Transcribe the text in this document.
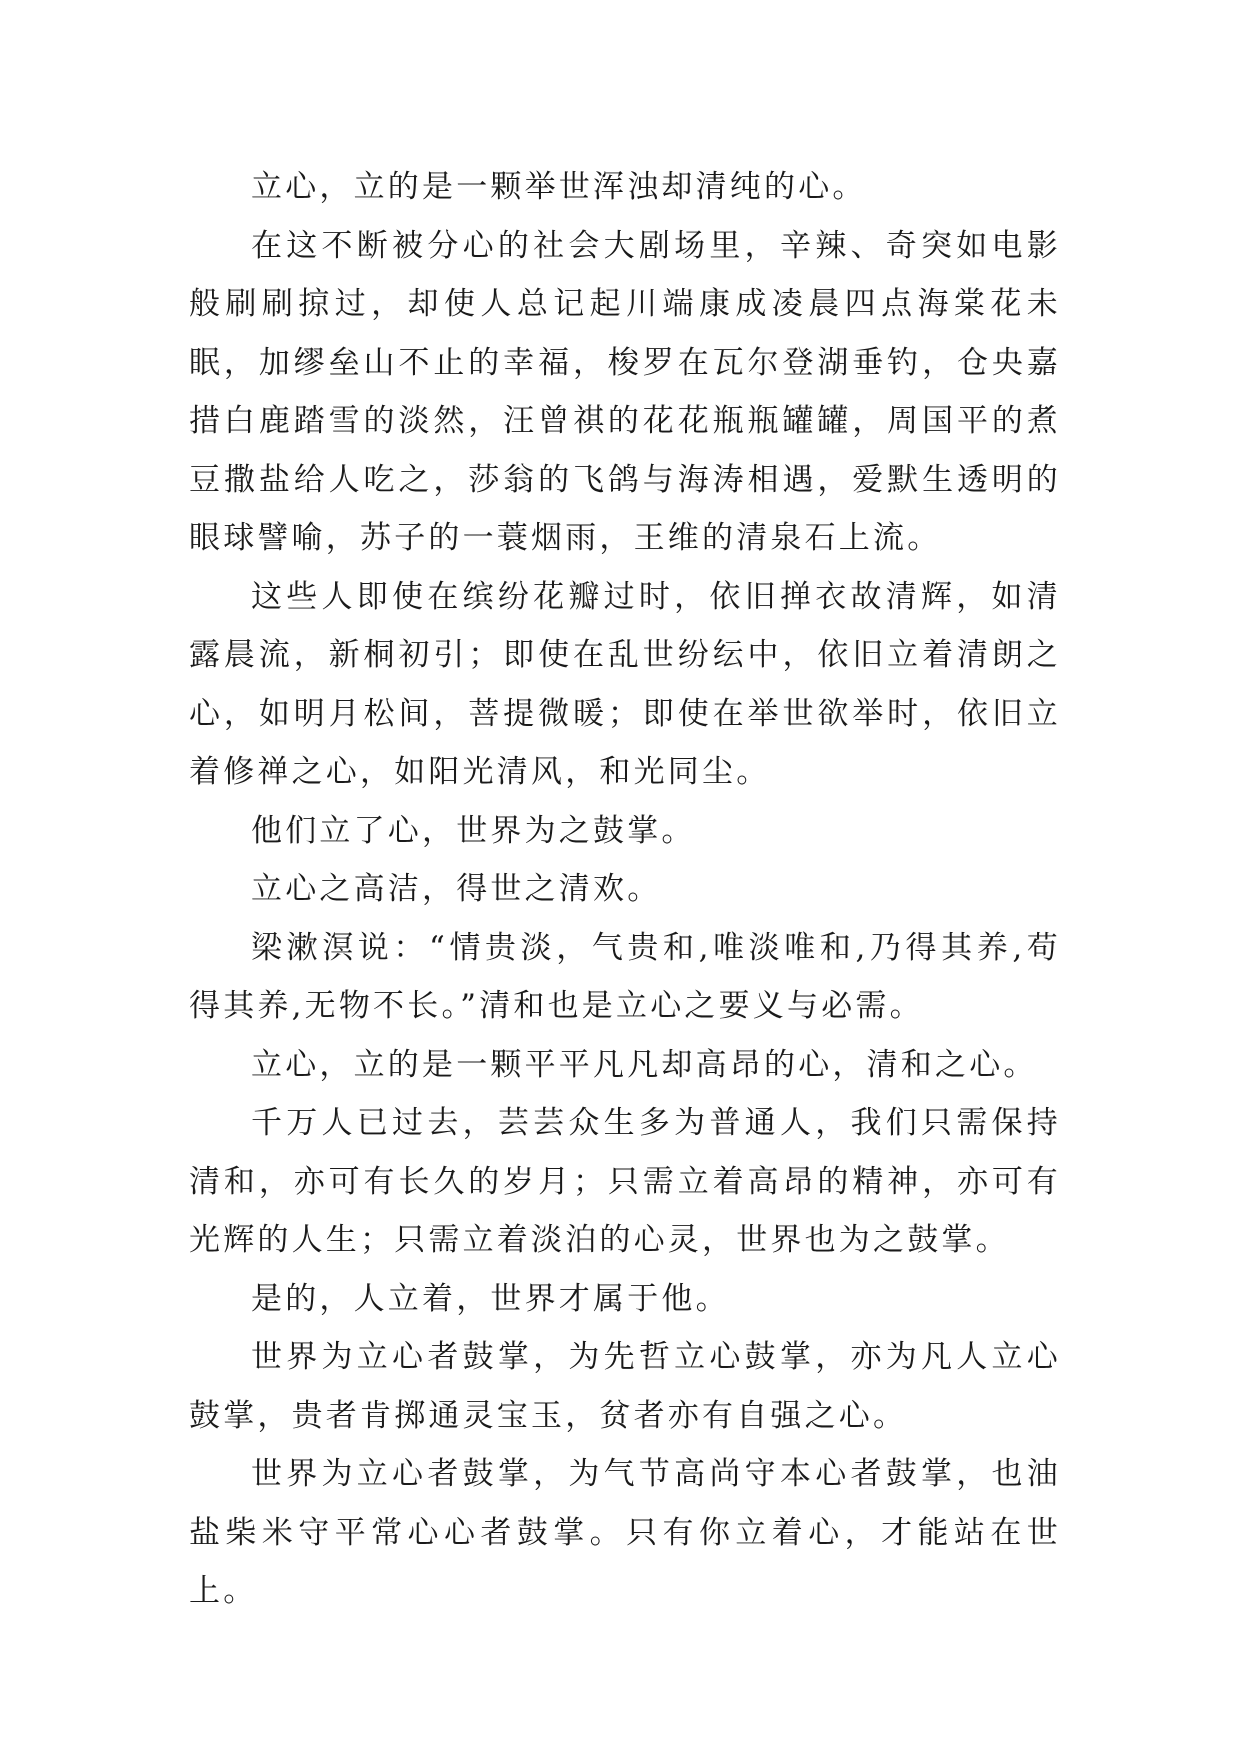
立心，立的是一颗举世浑浊却清纯的心。

在这不断被分心的社会大剧场里，辛辣、奇突如电影般刷刷掠过，却使人总记起川端康成凌晨四点海棠花未眠，加缪垒山不止的幸福，梭罗在瓦尔登湖垂钓，仓央嘉措白鹿踏雪的淡然，汪曾祺的花花瓶瓶罐罐，周国平的煮豆撒盐给人吃之，莎翁的飞鸽与海涛相遇，爱默生透明的眼球譬喻，苏子的一蓑烟雨，王维的清泉石上流。

这些人即使在缤纷花瓣过时，依旧掸衣故清辉，如清露晨流，新桐初引；即使在乱世纷纭中，依旧立着清朗之心，如明月松间，菩提微暖；即使在举世欲举时，依旧立着修禅之心，如阳光清风，和光同尘。

他们立了心，世界为之鼓掌。

立心之高洁，得世之清欢。

梁漱溟说：“情贵淡，气贵和,唯淡唯和,乃得其养,苟得其养,无物不长。”清和也是立心之要义与必需。

立心，立的是一颗平平凡凡却高昂的心，清和之心。

千万人已过去，芸芸众生多为普通人，我们只需保持清和，亦可有长久的岁月；只需立着高昂的精神，亦可有光辉的人生；只需立着淡泊的心灵，世界也为之鼓掌。

是的，人立着，世界才属于他。

世界为立心者鼓掌，为先哲立心鼓掌，亦为凡人立心鼓掌，贵者肯掷通灵宝玉，贫者亦有自强之心。

世界为立心者鼓掌，为气节高尚守本心者鼓掌，也油盐柴米守平常心心者鼓掌。只有你立着心，才能站在世上。
